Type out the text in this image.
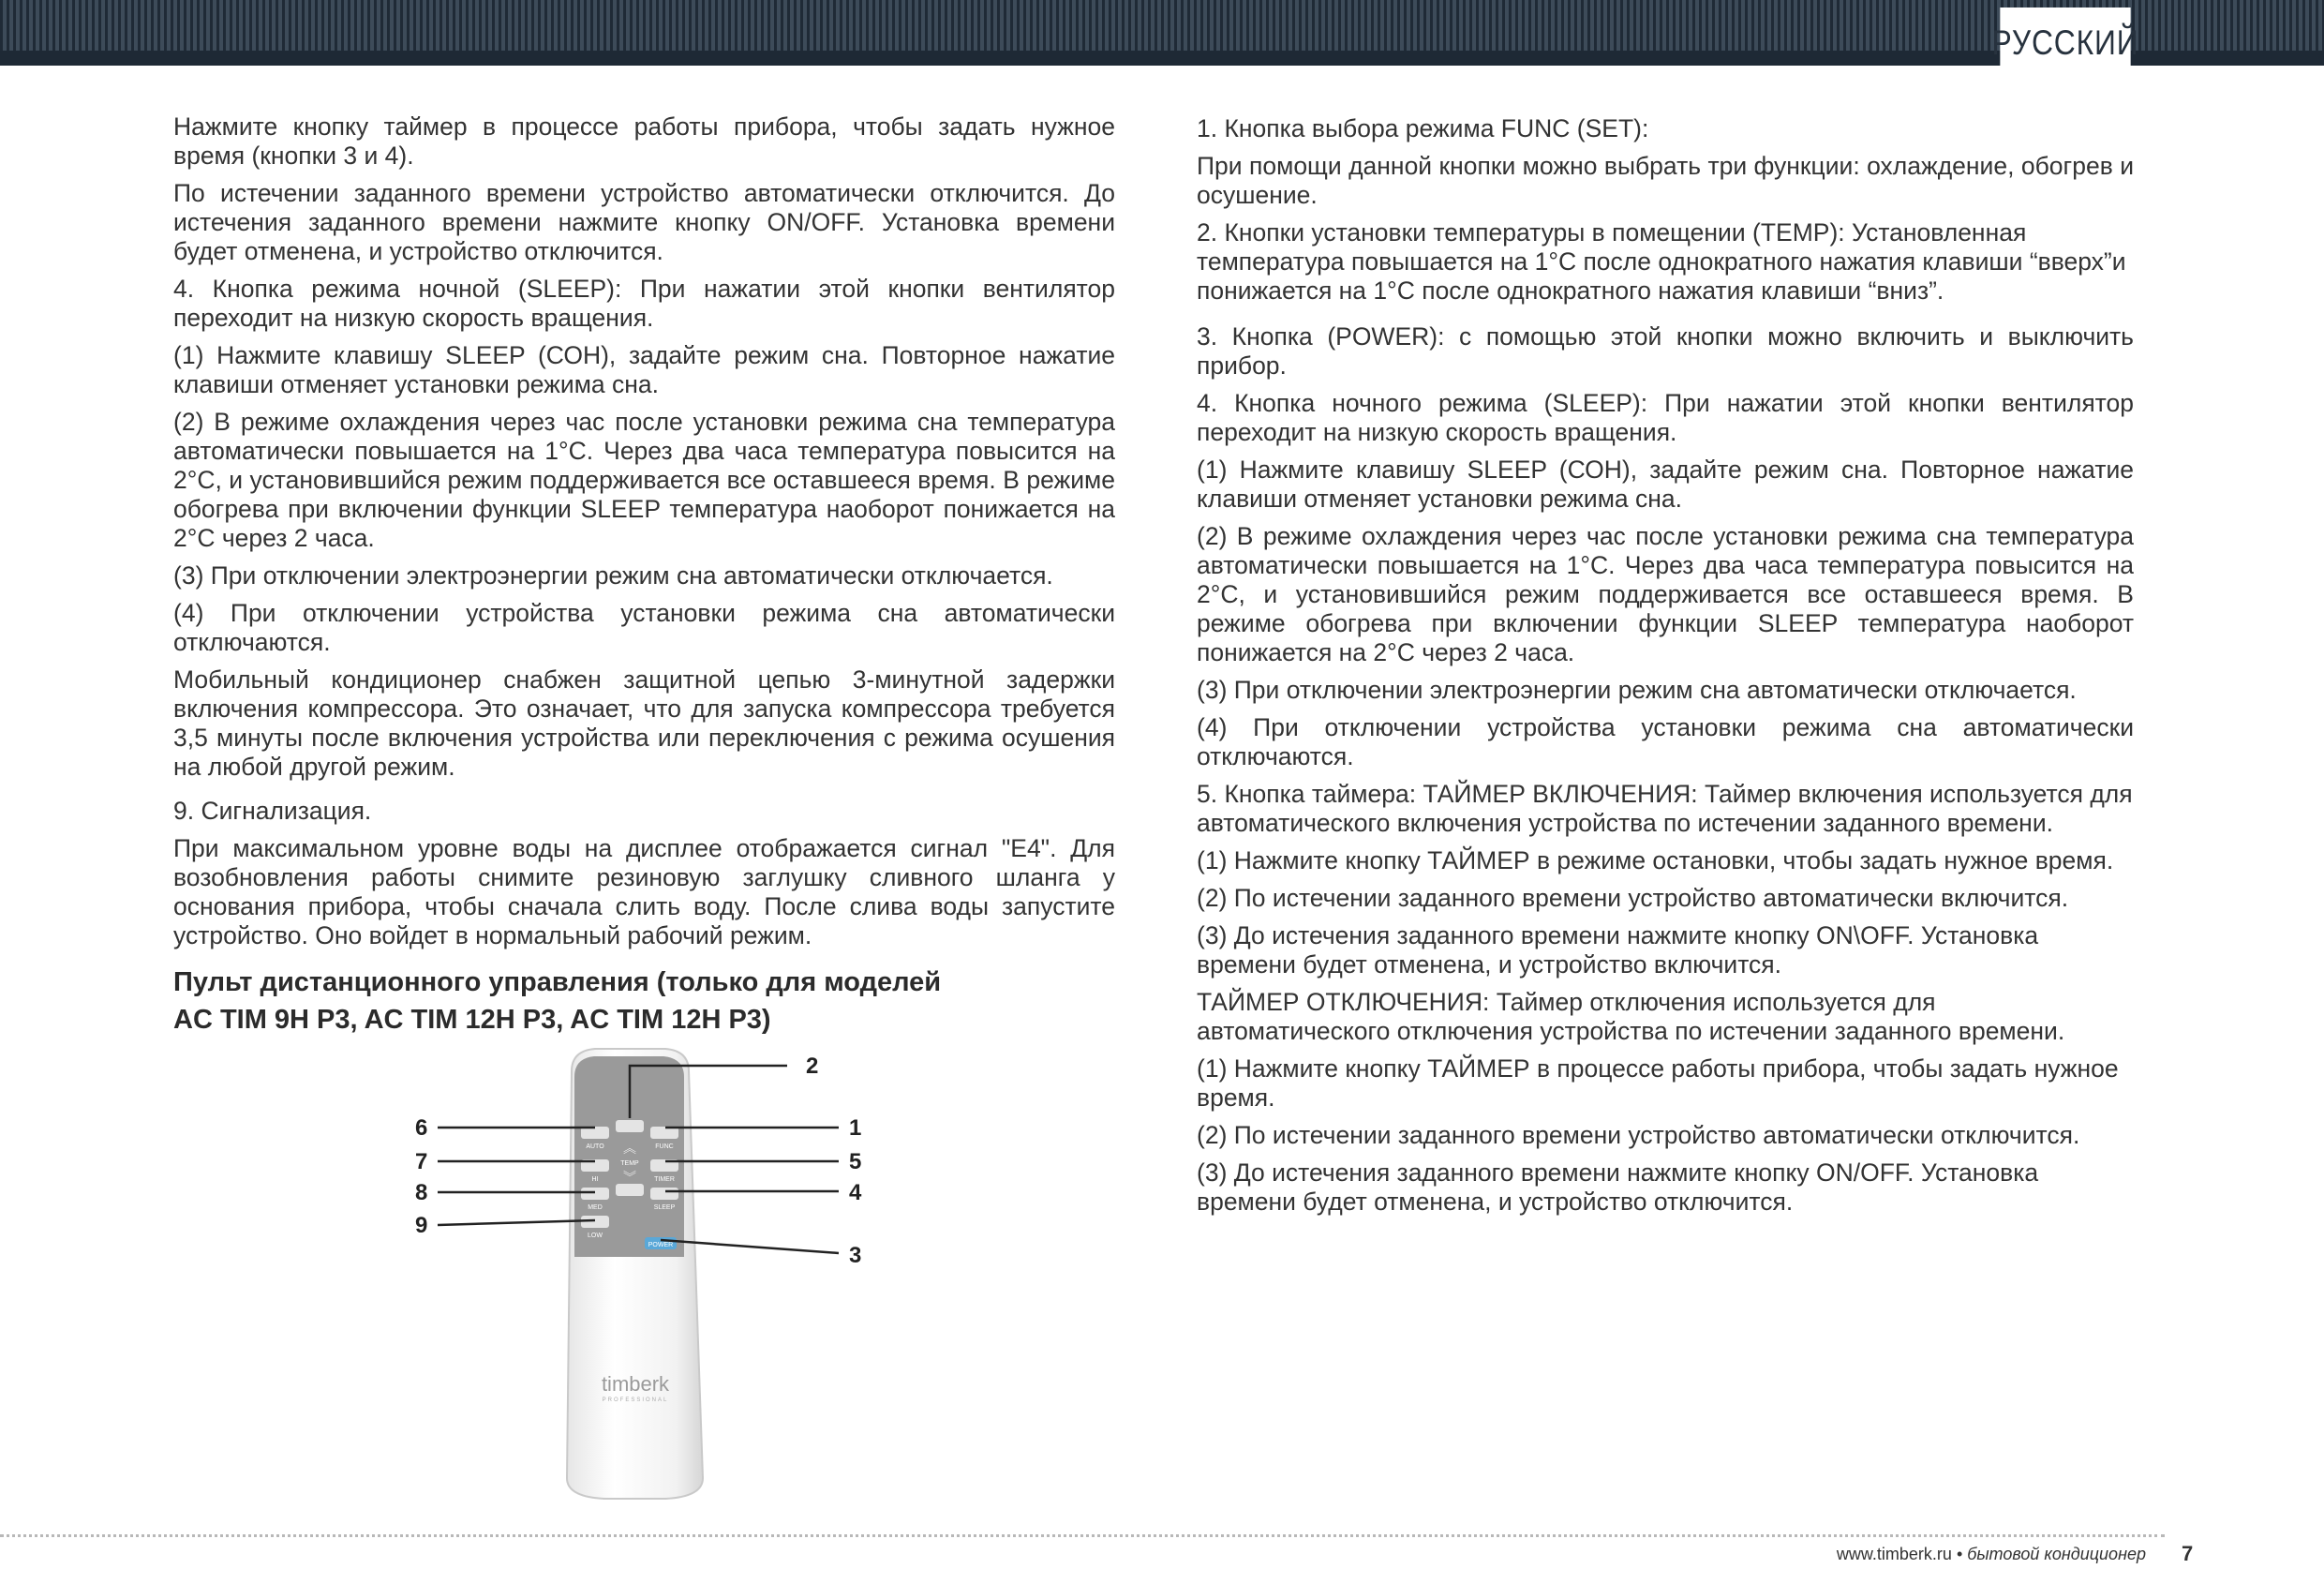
РУССКИЙ

Нажмите кнопку таймер в процессе работы прибора, чтобы задать нужное время (кнопки 3 и 4).

По истечении заданного времени устройство автоматически отключится. До истечения заданного времени нажмите кнопку ON/OFF. Установка времени будет отменена, и устройство отключится.

4. Кнопка режима ночной (SLEEP): При нажатии этой кнопки вентилятор переходит на низкую скорость вращения.

(1) Нажмите клавишу SLEEP (СОН), задайте режим сна. Повторное нажатие клавиши отменяет установки режима сна.

(2) В режиме охлаждения через час после установки режима сна температура автоматически повышается на 1°C. Через два часа температура повысится на 2°C, и установившийся режим поддерживается все оставшееся время. В режиме обогрева при включении функции SLEEP температура наоборот понижается на 2°C через 2 часа.

(3) При отключении электроэнергии режим сна автоматически отключается.

(4) При отключении устройства установки режима сна автоматически отключаются.

Мобильный кондиционер снабжен защитной цепью 3-минутной задержки включения компрессора. Это означает, что для запуска компрессора требуется 3,5 минуты после включения устройства или переключения с режима осушения на любой другой режим.

9. Сигнализация.

При максимальном уровне воды на дисплее отображается сигнал "E4". Для возобновления работы снимите резиновую заглушку сливного шланга у основания прибора, чтобы сначала слить воду. После слива воды запустите устройство. Оно войдет в нормальный рабочий режим.

Пульт дистанционного управления (только для моделей
AC TIM 9H P3, AC TIM 12H P3, AC TIM 12H P3)
AUTO	FUNC
TEMP
HI	TIMER
MED	SLEEP
LOW
POWER
︽
︾
timberk
PROFESSIONAL
2
1
5
4
3
6
7
8
9

1. Кнопка выбора режима FUNC (SET):

При помощи данной кнопки можно выбрать три функции: охлаждение, обогрев и осушение.

2. Кнопки установки температуры в помещении (TEMP): Установленная температура повышается на 1°C после однократного нажатия клавиши “вверх”и понижается на 1°C после однократного нажатия клавиши “вниз”.

3. Кнопка (POWER): с помощью этой кнопки можно включить и выключить прибор.

4. Кнопка ночного режима (SLEEP): При нажатии этой кнопки вентилятор переходит на низкую скорость вращения.

(1) Нажмите клавишу SLEEP (СОН), задайте режим сна. Повторное нажатие клавиши отменяет установки режима сна.

(2) В режиме охлаждения через час после установки режима сна температура автоматически повышается на 1°C. Через два часа температура повысится на 2°C, и установившийся режим поддерживается все оставшееся время. В режиме обогрева при включении функции SLEEP температура наоборот понижается на 2°C через 2 часа.

(3) При отключении электроэнергии режим сна автоматически отключается.

(4) При отключении устройства установки режима сна автоматически отключаются.

5. Кнопка таймера: ТАЙМЕР ВКЛЮЧЕНИЯ: Таймер включения используется для автоматического включения устройства по истечении заданного времени.

(1) Нажмите кнопку ТАЙМЕР в режиме остановки, чтобы задать нужное время.

(2) По истечении заданного времени устройство автоматически включится.

(3) До истечения заданного времени нажмите кнопку ON\OFF. Установка времени будет отменена, и устройство включится.

ТАЙМЕР ОТКЛЮЧЕНИЯ: Таймер отключения используется для автоматического отключения устройства по истечении заданного времени.

(1) Нажмите кнопку ТАЙМЕР в процессе работы прибора, чтобы задать нужное время.

(2) По истечении заданного времени устройство автоматически отключится.

(3) До истечения заданного времени нажмите кнопку ON/OFF. Установка времени будет отменена, и устройство отключится.

www.timberk.ru • бытовой кондиционер 7
